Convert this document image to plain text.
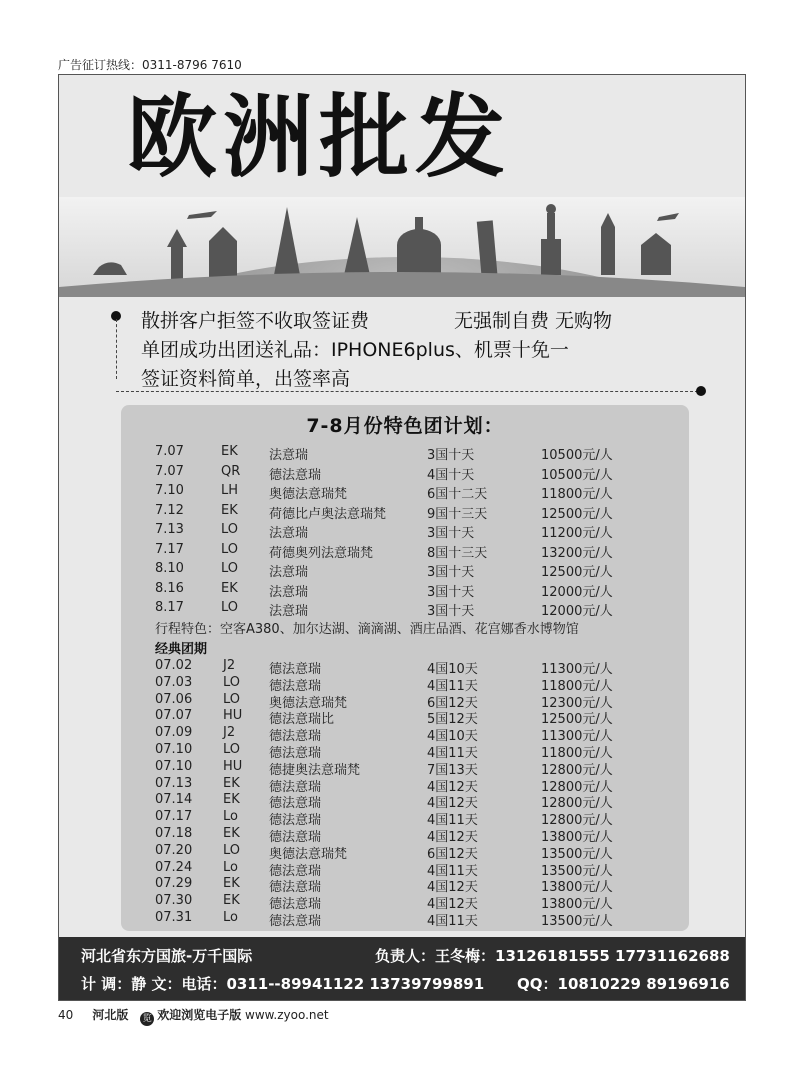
广告征订热线：0311-8796 7610
欧洲批发
散拼客户拒签不收取签证费	无强制自费 无购物
单团成功出团送礼品：IPHONE6plus、机票十免一
签证资料简单，出签率高
7-8月份特色团计划：
7.07	EK 法意瑞	3国十天	10500元/人
7.07	QR 德法意瑞	4国十天	10500元/人
7.10	LH 奥德法意瑞梵	6国十二天	11800元/人
7.12	EK 荷德比卢奥法意瑞梵	9国十三天	12500元/人
7.13	LO 法意瑞	3国十天	11200元/人
7.17	LO 荷德奥列法意瑞梵	8国十三天	13200元/人
8.10	LO 法意瑞	3国十天	12500元/人
8.16	EK 法意瑞	3国十天	12000元/人
8.17	LO 法意瑞	3国十天	12000元/人
行程特色：空客A380、加尔达湖、滴滴湖、酒庄品酒、花宫娜香水博物馆
经典团期
07.02 J2	德法意瑞	4国10天	11300元/人
07.03 LO 德法意瑞	4国11天	11800元/人
07.06 LO 奥德法意瑞梵	6国12天	12300元/人
07.07 HU 德法意瑞比	5国12天	12500元/人
07.09 J2	德法意瑞	4国10天	11300元/人
07.10 LO 德法意瑞	4国11天	11800元/人
07.10 HU 德捷奥法意瑞梵	7国13天	12800元/人
07.13 EK 德法意瑞	4国12天	12800元/人
07.14 EK 德法意瑞	4国12天	12800元/人
07.17 Lo 德法意瑞	4国11天	12800元/人
07.18 EK 德法意瑞	4国12天	13800元/人
07.20 LO 奥德法意瑞梵	6国12天	13500元/人
07.24 Lo 德法意瑞	4国11天	13500元/人
07.29 EK 德法意瑞	4国12天	13800元/人
07.30 EK 德法意瑞	4国12天	13800元/人
07.31 Lo 德法意瑞	4国11天	13500元/人
河北省东方国旅-万千国际	负责人：王冬梅：13126181555 17731162688
计 调：静 文：电话：0311--89941122 13739799891 QQ：10810229 89196916
40 河北版 览 欢迎浏览电子版 www.zyoo.net
